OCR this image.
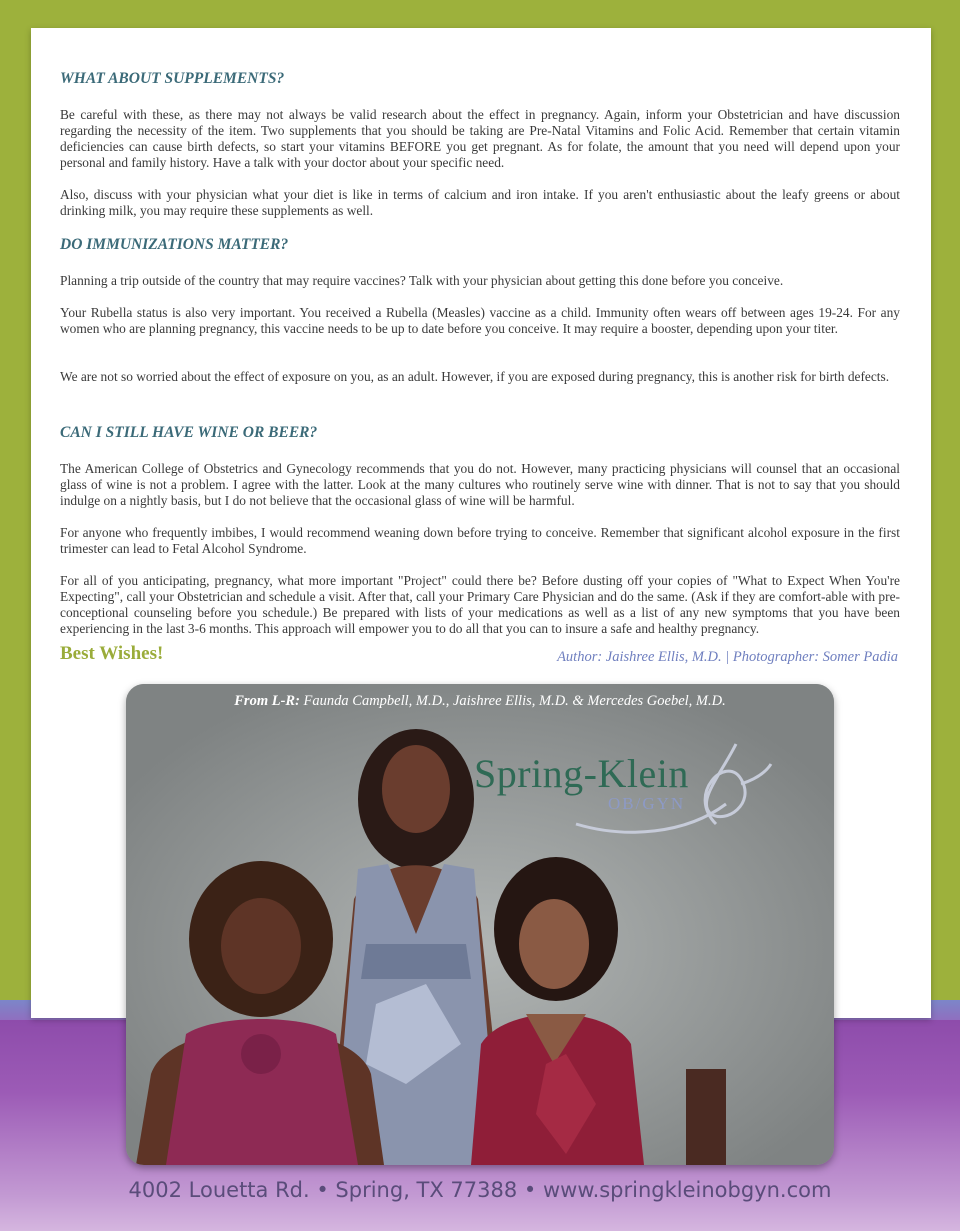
WHAT ABOUT SUPPLEMENTS?

Be careful with these, as there may not always be valid research about the effect in pregnancy. Again, inform your Obstetrician and have discussion regarding the necessity of the item. Two supplements that you should be taking are Pre-Natal Vitamins and Folic Acid. Remember that certain vitamin deficiencies can cause birth defects, so start your vitamins BEFORE you get pregnant. As for folate, the amount that you need will depend upon your personal and family history. Have a talk with your doctor about your specific need.

Also, discuss with your physician what your diet is like in terms of calcium and iron intake. If you aren't enthusiastic about the leafy greens or about drinking milk, you may require these supplements as well.

DO IMMUNIZATIONS MATTER?

Planning a trip outside of the country that may require vaccines? Talk with your physician about getting this done before you conceive.

Your Rubella status is also very important. You received a Rubella (Measles) vaccine as a child. Immunity often wears off between ages 19-24. For any women who are planning pregnancy, this vaccine needs to be up to date before you conceive. It may require a booster, depending upon your titer.

We are not so worried about the effect of exposure on you, as an adult. However, if you are exposed during pregnancy, this is another risk for birth defects.

CAN I STILL HAVE WINE OR BEER?

The American College of Obstetrics and Gynecology recommends that you do not. However, many practicing physicians will counsel that an occasional glass of wine is not a problem. I agree with the latter. Look at the many cultures who routinely serve wine with dinner. That is not to say that you should indulge on a nightly basis, but I do not believe that the occasional glass of wine will be harmful.

For anyone who frequently imbibes, I would recommend weaning down before trying to conceive. Remember that significant alcohol exposure in the first trimester can lead to Fetal Alcohol Syndrome.

For all of you anticipating, pregnancy, what more important "Project" could there be? Before dusting off your copies of "What to Expect When You're Expecting", call your Obstetrician and schedule a visit. After that, call your Primary Care Physician and do the same. (Ask if they are comfort-able with pre-conceptional counseling before you schedule.) Be prepared with lists of your medications as well as a list of any new symptoms that you have been experiencing in the last 3-6 months. This approach will empower you to do all that you can to insure a safe and healthy pregnancy.

Best Wishes!	Author: Jaishree Ellis, M.D. | Photographer: Somer Padia
From L-R: Faunda Campbell, M.D., Jaishree Ellis, M.D. & Mercedes Goebel, M.D.
Spring-Klein
OB/GYN
4002 Louetta Rd. • Spring, TX 77388 • www.springkleinobgyn.com
